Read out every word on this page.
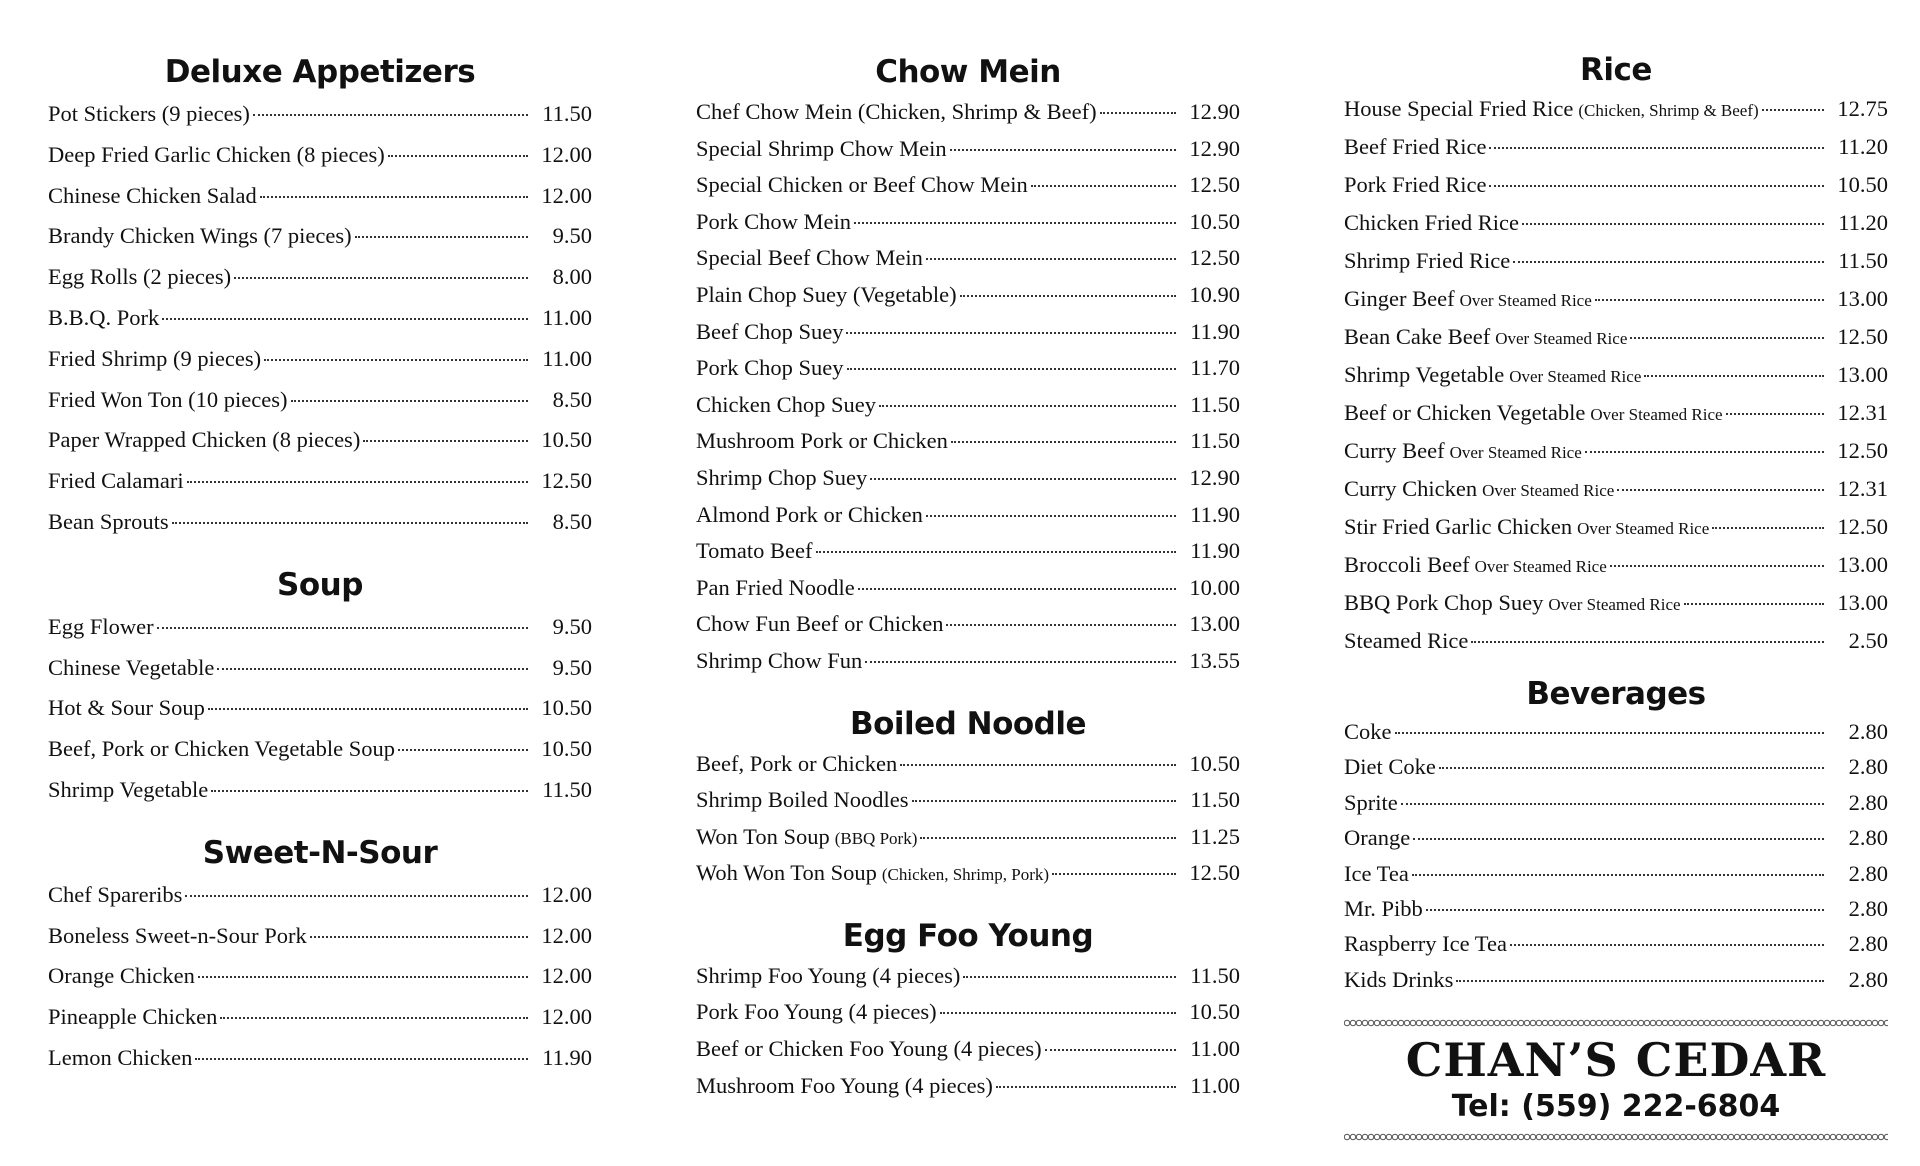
Deluxe Appetizers
Pot Stickers (9 pieces)	11.50
Deep Fried Garlic Chicken (8 pieces)	12.00
Chinese Chicken Salad	12.00
Brandy Chicken Wings (7 pieces)	9.50
Egg Rolls (2 pieces)	8.00
B.B.Q. Pork	11.00
Fried Shrimp (9 pieces)	11.00
Fried Won Ton (10 pieces)	8.50
Paper Wrapped Chicken (8 pieces)	10.50
Fried Calamari	12.50
Bean Sprouts	8.50
Soup
Egg Flower	9.50
Chinese Vegetable	9.50
Hot & Sour Soup	10.50
Beef, Pork or Chicken Vegetable Soup	10.50
Shrimp Vegetable	11.50
Sweet-N-Sour
Chef Spareribs	12.00
Boneless Sweet-n-Sour Pork	12.00
Orange Chicken	12.00
Pineapple Chicken	12.00
Lemon Chicken	11.90
Chow Mein
Chef Chow Mein (Chicken, Shrimp & Beef)	12.90
Special Shrimp Chow Mein	12.90
Special Chicken or Beef Chow Mein	12.50
Pork Chow Mein	10.50
Special Beef Chow Mein	12.50
Plain Chop Suey (Vegetable)	10.90
Beef Chop Suey	11.90
Pork Chop Suey	11.70
Chicken Chop Suey	11.50
Mushroom Pork or Chicken	11.50
Shrimp Chop Suey	12.90
Almond Pork or Chicken	11.90
Tomato Beef	11.90
Pan Fried Noodle	10.00
Chow Fun Beef or Chicken	13.00
Shrimp Chow Fun	13.55
Boiled Noodle
Beef, Pork or Chicken	10.50
Shrimp Boiled Noodles	11.50
Won Ton Soup (BBQ Pork)	11.25
Woh Won Ton Soup (Chicken, Shrimp, Pork)	12.50
Egg Foo Young
Shrimp Foo Young (4 pieces)	11.50
Pork Foo Young (4 pieces)	10.50
Beef or Chicken Foo Young (4 pieces)	11.00
Mushroom Foo Young (4 pieces)	11.00
Rice
House Special Fried Rice (Chicken, Shrimp & Beef)	12.75
Beef Fried Rice	11.20
Pork Fried Rice	10.50
Chicken Fried Rice	11.20
Shrimp Fried Rice	11.50
Ginger Beef Over Steamed Rice	13.00
Bean Cake Beef Over Steamed Rice	12.50
Shrimp Vegetable Over Steamed Rice	13.00
Beef or Chicken Vegetable Over Steamed Rice	12.31
Curry Beef Over Steamed Rice	12.50
Curry Chicken Over Steamed Rice	12.31
Stir Fried Garlic Chicken Over Steamed Rice	12.50
Broccoli Beef Over Steamed Rice	13.00
BBQ Pork Chop Suey Over Steamed Rice	13.00
Steamed Rice	2.50
Beverages
Coke	2.80
Diet Coke	2.80
Sprite	2.80
Orange	2.80
Ice Tea	2.80
Mr. Pibb	2.80
Raspberry Ice Tea	2.80
Kids Drinks	2.80
CHAN’S CEDAR
Tel: (559) 222-6804
